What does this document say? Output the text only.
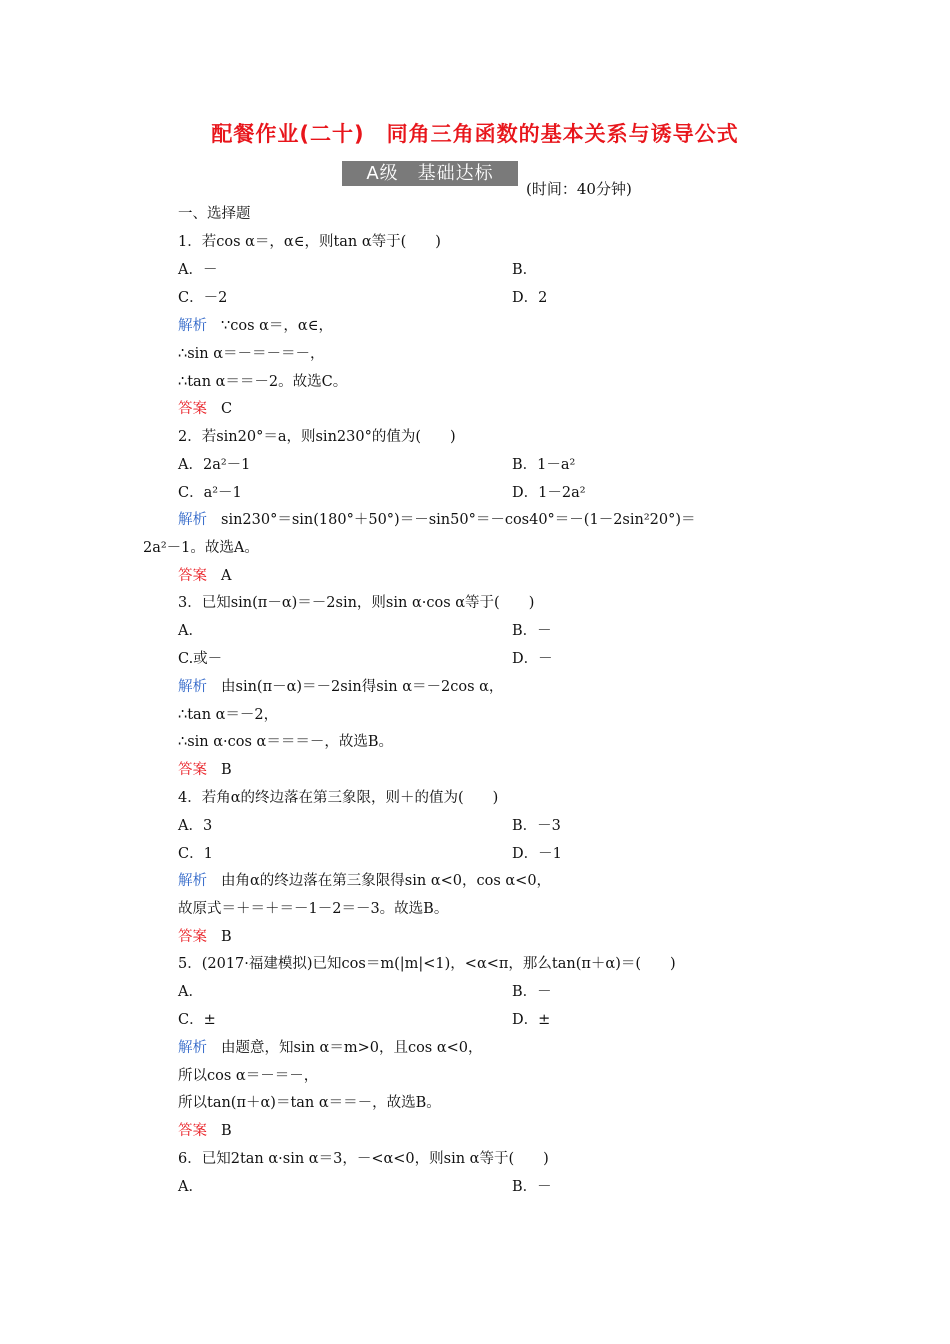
配餐作业(二十)　同角三角函数的基本关系与诱导公式
A级　基础达标
(时间：40分钟)
一、选择题
1．若cos α＝，α∈，则tan α等于(　　)
A．－	B．
C．－2	D．2
解析 ∵cos α＝，α∈，
∴sin α＝－＝－＝－，
∴tan α＝＝－2。故选C。
答案 C
2．若sin20°＝a，则sin230°的值为(　　)
A．2a²－1	B．1－a²
C．a²－1	D．1－2a²
解析 sin230°＝sin(180°＋50°)＝－sin50°＝－cos40°＝－(1－2sin²20°)＝
2a²－1。故选A。
答案 A
3．已知sin(π－α)＝－2sin，则sin α·cos α等于(　　)
A．	B．－
C.或－	D．－
解析 由sin(π－α)＝－2sin得sin α＝－2cos α，
∴tan α＝－2，
∴sin α·cos α＝＝＝－，故选B。
答案 B
4．若角α的终边落在第三象限，则＋的值为(　　)
A．3	B．－3
C．1	D．－1
解析 由角α的终边落在第三象限得sin α<0，cos α<0，
故原式＝＋＝＋＝－1－2＝－3。故选B。
答案 B
5．(2017·福建模拟)已知cos＝m(|m|<1)，<α<π，那么tan(π＋α)＝(　　)
A．	B．－
C．±	D．±
解析 由题意，知sin α＝m>0，且cos α<0，
所以cos α＝－＝－，
所以tan(π＋α)＝tan α＝＝－，故选B。
答案 B
6．已知2tan α·sin α＝3，－<α<0，则sin α等于(　　)
A．	B．－
